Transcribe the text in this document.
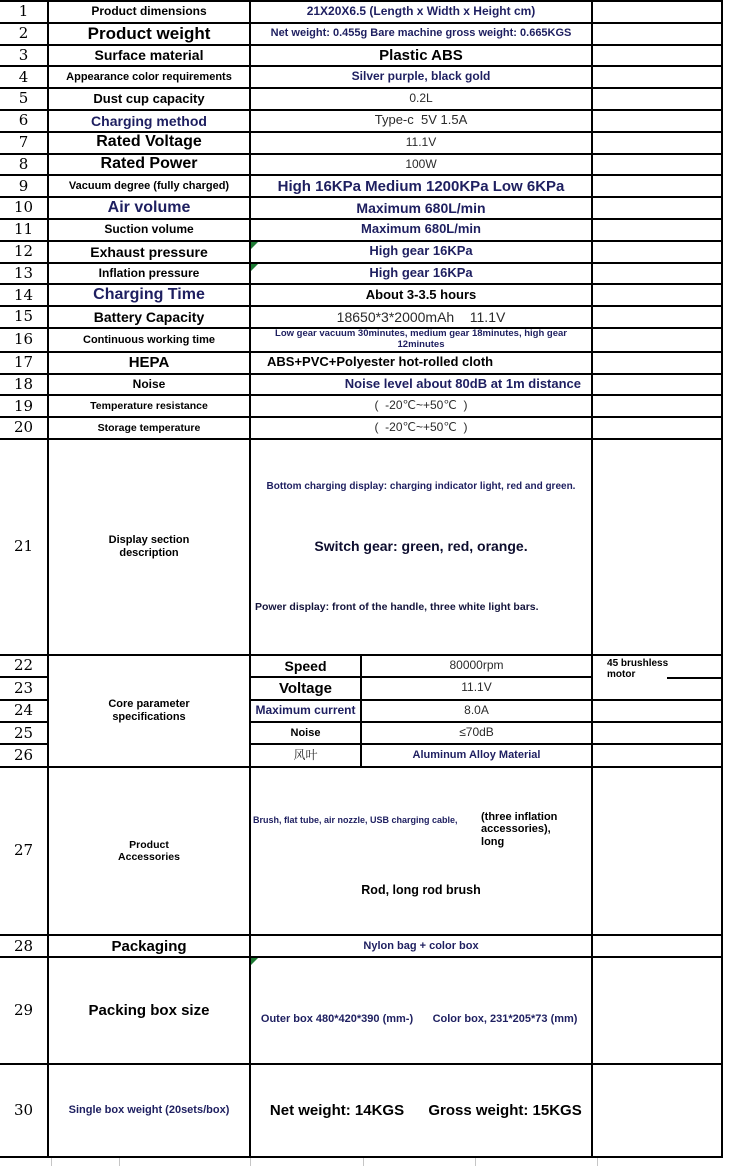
1	Product dimensions	21X20X6.5 (Length x Width x Height cm)		
2	Product weight	Net weight: 0.455g Bare machine gross weight: 0.665KGS		
3	Surface material	Plastic ABS		
4	Appearance color requirements	Silver purple, black gold		
5	Dust cup capacity	0.2L		
6	Charging method	Type-c  5V 1.5A		
7	Rated Voltage	11.1V		
8	Rated Power	100W		
9	Vacuum degree (fully charged)	High 16KPa Medium 1200KPa Low 6KPa		
10	Air volume	Maximum 680L/min		
11	Suction volume	Maximum 680L/min		
12	Exhaust pressure	High gear 16KPa		
13	Inflation pressure	High gear 16KPa		
14	Charging Time	About 3-3.5 hours		
15	Battery Capacity	18650*3*2000mAh    11.1V		
16	Continuous working time	Low gear vacuum 30minutes, medium gear 18minutes, high gear 12minutes		
17	HEPA	ABS+PVC+Polyester hot-rolled cloth		
18	Noise	Noise level about 80dB at 1m distance		
19	Temperature resistance	(  -20℃~+50℃  )		
20	Storage temperature	(  -20℃~+50℃  )		
21	Display section description	Bottom charging display: charging indicator light, red and green.

Switch gear: green, red, orange.

Power display: front of the handle, three white light bars.		

22	Core parameter specifications	Speed	80000rpm	45 brushless motor

23		Voltage	11.1V	
24		Maximum current	8.0A	
25		Noise	≤70dB	
26		风叶	Aluminum Alloy Material	
27	Product Accessories	Brush, flat tube, air nozzle, USB charging cable, (three inflation accessories), long

Rod, long rod brush		

28	Packaging	Nylon bag + color box		
29	Packing box size	Outer box 480*420*390 (mm-) Color box, 231*205*73 (mm)		

30	Single box weight (20sets/box)	Net weight: 14KGS Gross weight: 15KGS		
